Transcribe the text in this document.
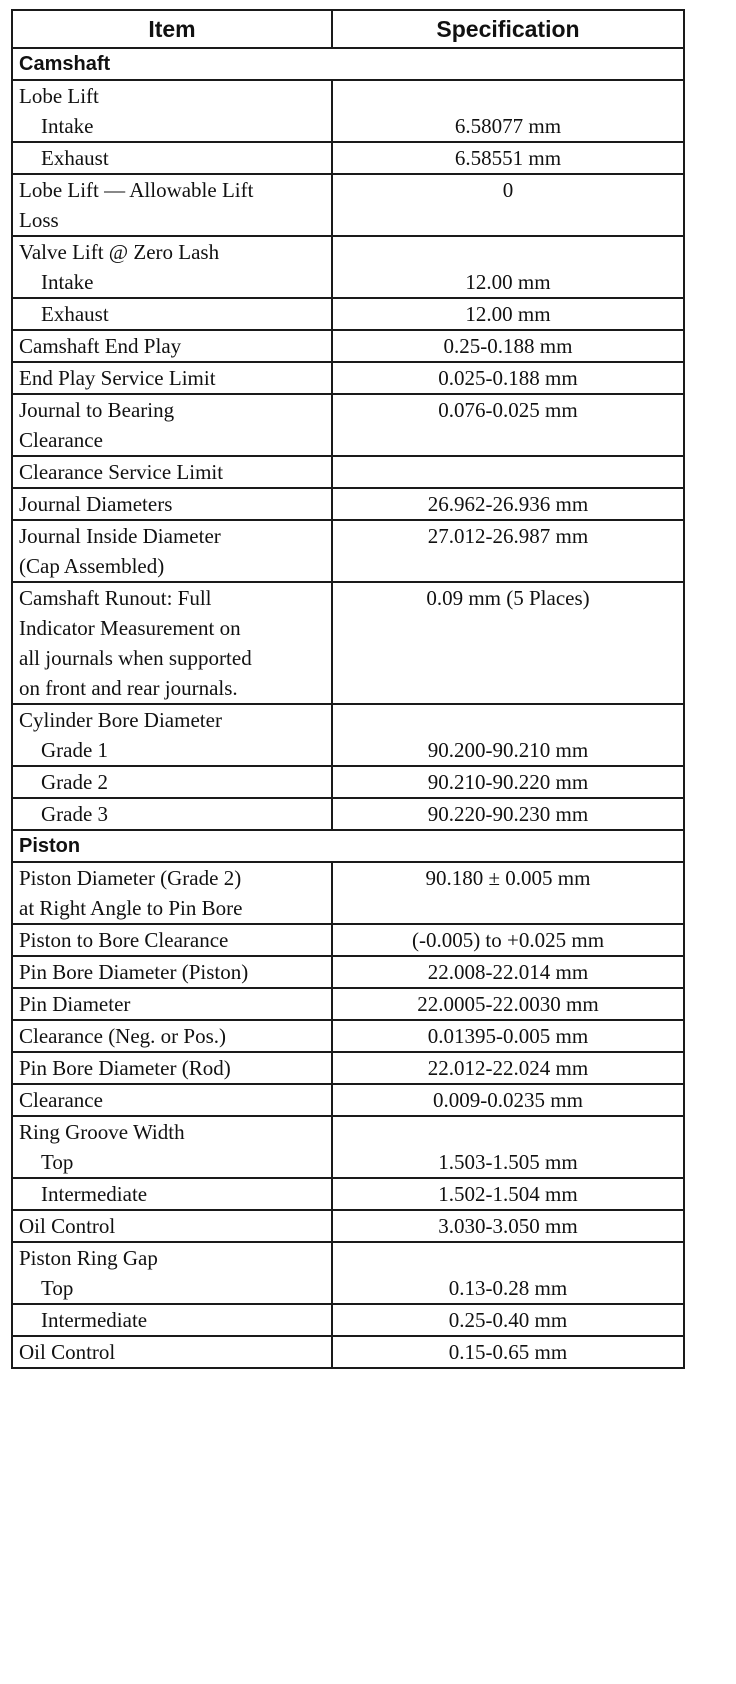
Item	Specification
Camshaft	

Lobe Lift
Intake	6.58077 mm

Exhaust	6.58551 mm

Lobe Lift — Allowable Lift
Loss	0

Valve Lift @ Zero Lash
Intake	12.00 mm

Exhaust	12.00 mm

Camshaft End Play	0.25-0.188 mm

End Play Service Limit	0.025-0.188 mm

Journal to Bearing
Clearance	0.076-0.025 mm

Clearance Service Limit	

Journal Diameters	26.962-26.936 mm

Journal Inside Diameter
(Cap Assembled)	27.012-26.987 mm

Camshaft Runout: Full
Indicator Measurement on
all journals when supported
on front and rear journals.	0.09 mm (5 Places)

Cylinder Bore Diameter
Grade 1	90.200-90.210 mm

Grade 2	90.210-90.220 mm
Grade 3	90.220-90.230 mm
Piston	

Piston Diameter (Grade 2)
at Right Angle to Pin Bore	90.180 ± 0.005 mm

Piston to Bore Clearance	(-0.005) to +0.025 mm

Pin Bore Diameter (Piston)	22.008-22.014 mm

Pin Diameter	22.0005-22.0030 mm

Clearance (Neg. or Pos.)	0.01395-0.005 mm

Pin Bore Diameter (Rod)	22.012-22.024 mm

Clearance	0.009-0.0235 mm

Ring Groove Width
Top	1.503-1.505 mm

Intermediate	1.502-1.504 mm

Oil Control	3.030-3.050 mm

Piston Ring Gap
Top	0.13-0.28 mm

Intermediate	0.25-0.40 mm

Oil Control	0.15-0.65 mm
